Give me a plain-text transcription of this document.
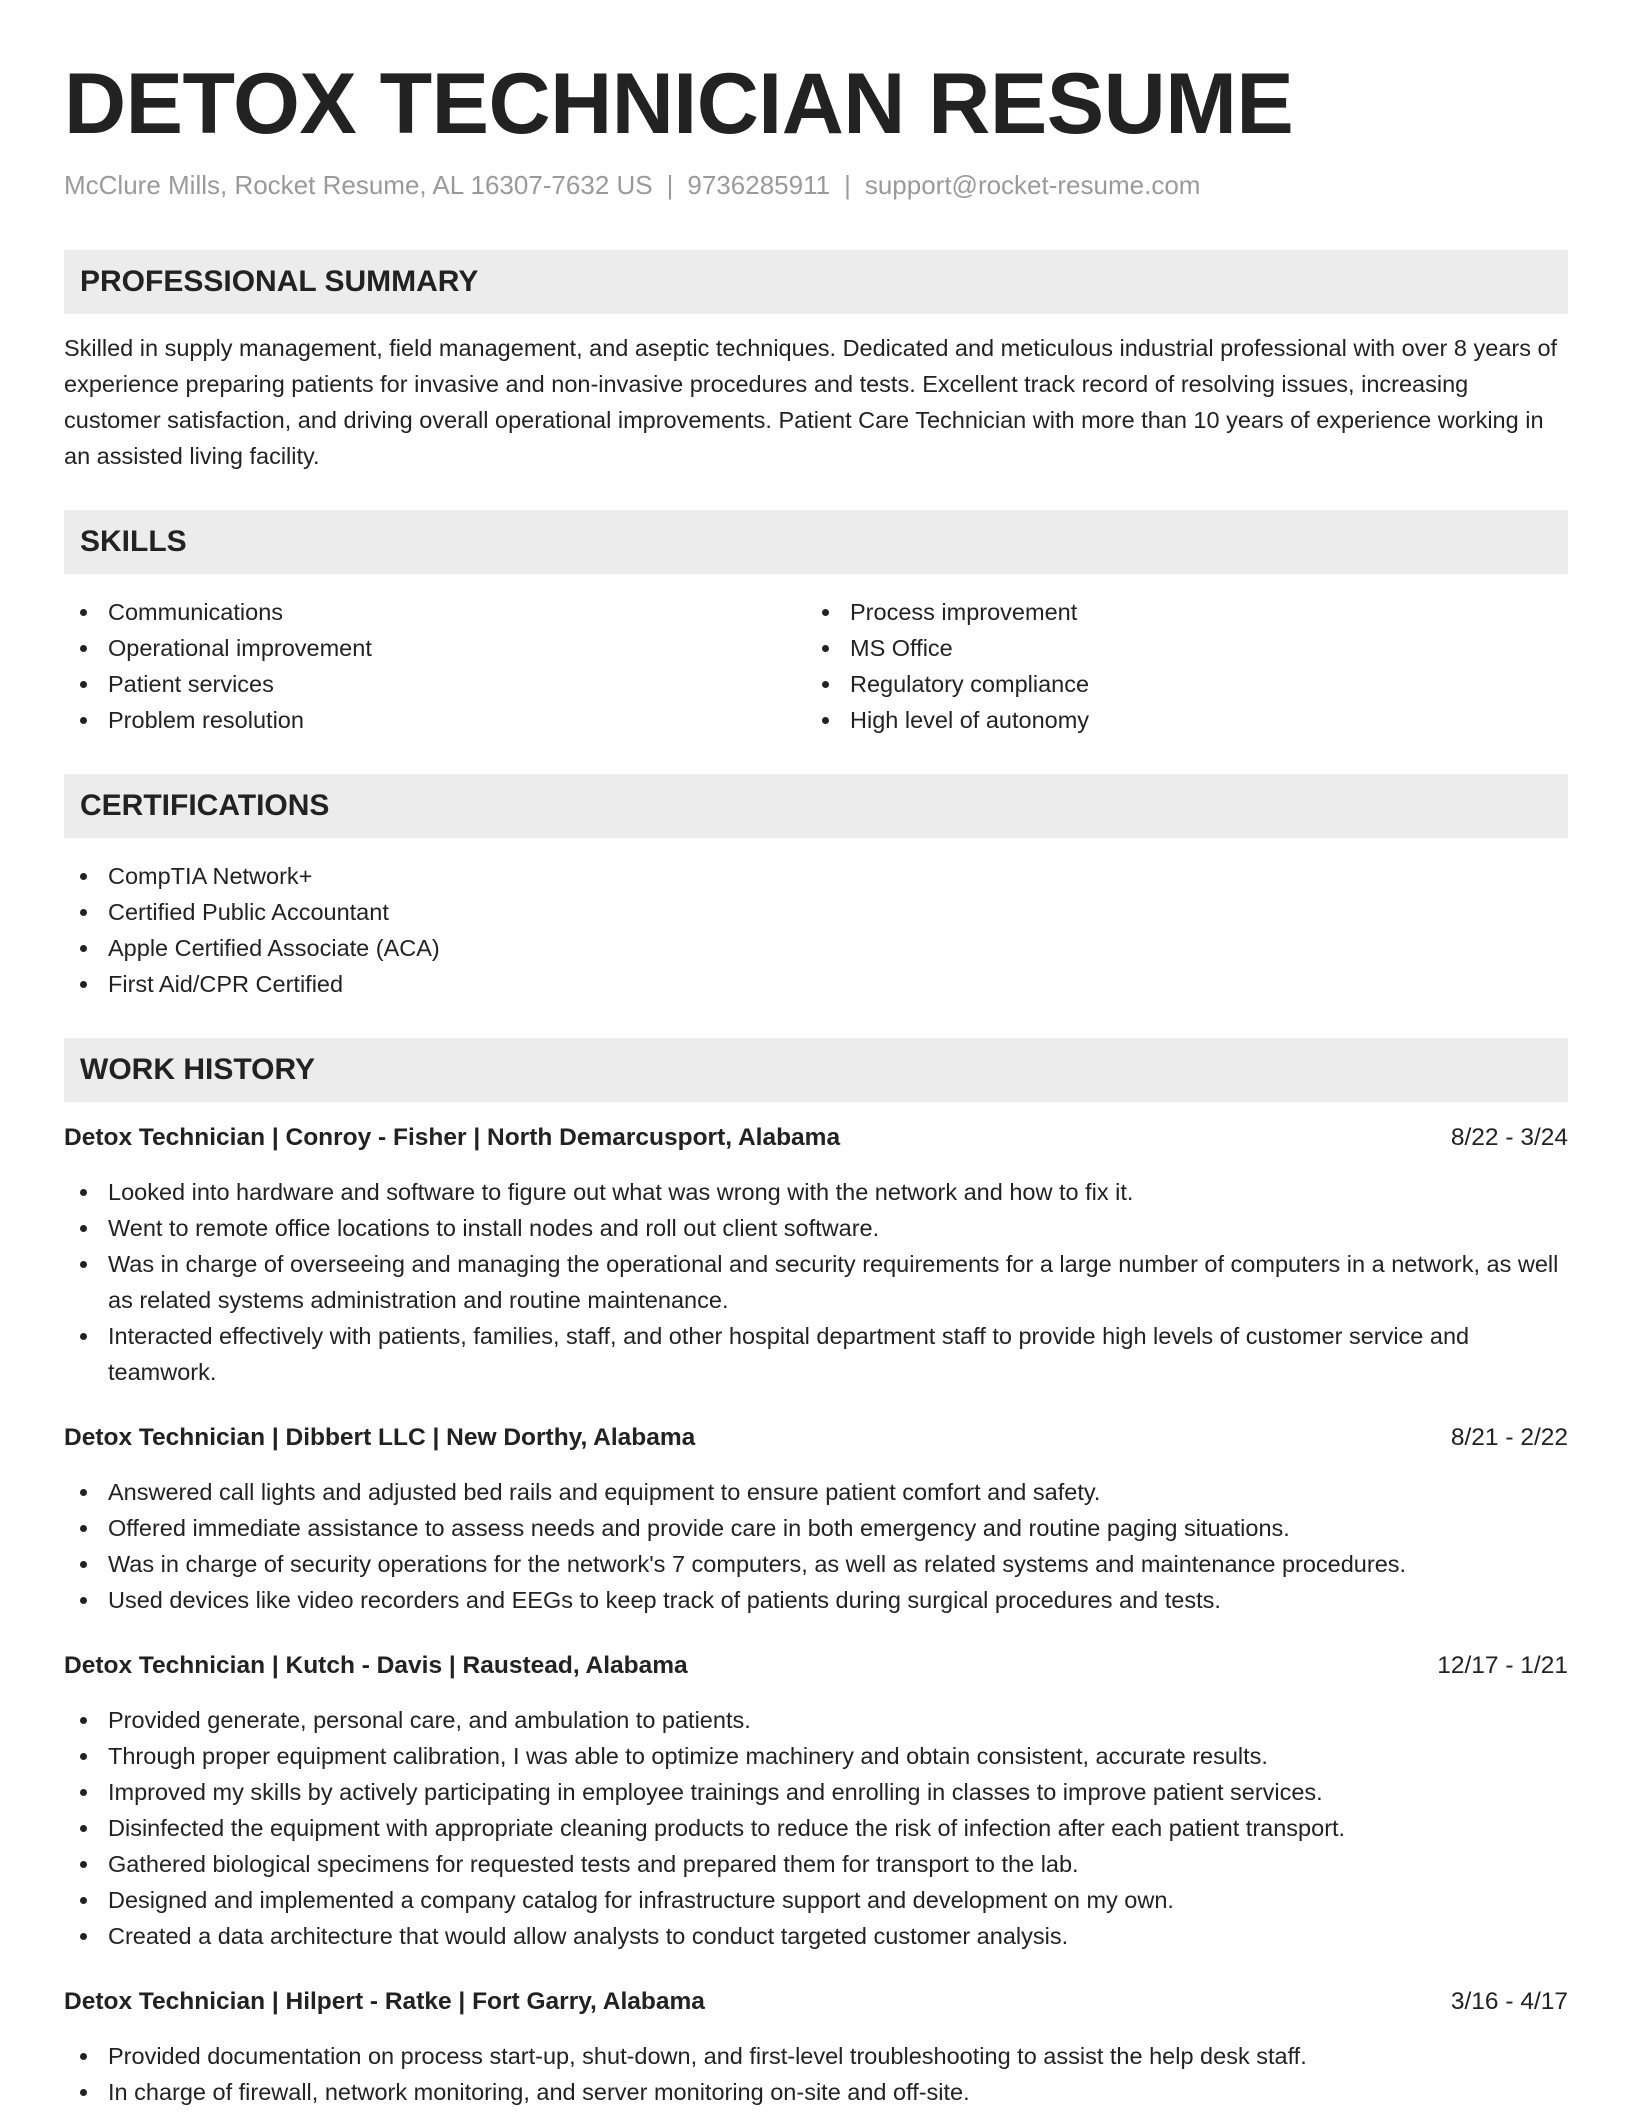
DETOX TECHNICIAN RESUME
McClure Mills, Rocket Resume, AL 16307-7632 US | 9736285911 | support@rocket-resume.com
PROFESSIONAL SUMMARY
Skilled in supply management, field management, and aseptic techniques. Dedicated and meticulous industrial professional with over 8 years of experience preparing patients for invasive and non-invasive procedures and tests. Excellent track record of resolving issues, increasing customer satisfaction, and driving overall operational improvements. Patient Care Technician with more than 10 years of experience working in an assisted living facility.
SKILLS
Communications
Operational improvement
Patient services
Problem resolution
Process improvement
MS Office
Regulatory compliance
High level of autonomy
CERTIFICATIONS
CompTIA Network+
Certified Public Accountant
Apple Certified Associate (ACA)
First Aid/CPR Certified
WORK HISTORY
Detox Technician | Conroy - Fisher | North Demarcusport, Alabama	8/22 - 3/24
Looked into hardware and software to figure out what was wrong with the network and how to fix it.
Went to remote office locations to install nodes and roll out client software.
Was in charge of overseeing and managing the operational and security requirements for a large number of computers in a network, as well as related systems administration and routine maintenance.
Interacted effectively with patients, families, staff, and other hospital department staff to provide high levels of customer service and teamwork.
Detox Technician | Dibbert LLC | New Dorthy, Alabama	8/21 - 2/22
Answered call lights and adjusted bed rails and equipment to ensure patient comfort and safety.
Offered immediate assistance to assess needs and provide care in both emergency and routine paging situations.
Was in charge of security operations for the network's 7 computers, as well as related systems and maintenance procedures.
Used devices like video recorders and EEGs to keep track of patients during surgical procedures and tests.
Detox Technician | Kutch - Davis | Raustead, Alabama	12/17 - 1/21
Provided generate, personal care, and ambulation to patients.
Through proper equipment calibration, I was able to optimize machinery and obtain consistent, accurate results.
Improved my skills by actively participating in employee trainings and enrolling in classes to improve patient services.
Disinfected the equipment with appropriate cleaning products to reduce the risk of infection after each patient transport.
Gathered biological specimens for requested tests and prepared them for transport to the lab.
Designed and implemented a company catalog for infrastructure support and development on my own.
Created a data architecture that would allow analysts to conduct targeted customer analysis.
Detox Technician | Hilpert - Ratke | Fort Garry, Alabama	3/16 - 4/17
Provided documentation on process start-up, shut-down, and first-level troubleshooting to assist the help desk staff.
In charge of firewall, network monitoring, and server monitoring on-site and off-site.
